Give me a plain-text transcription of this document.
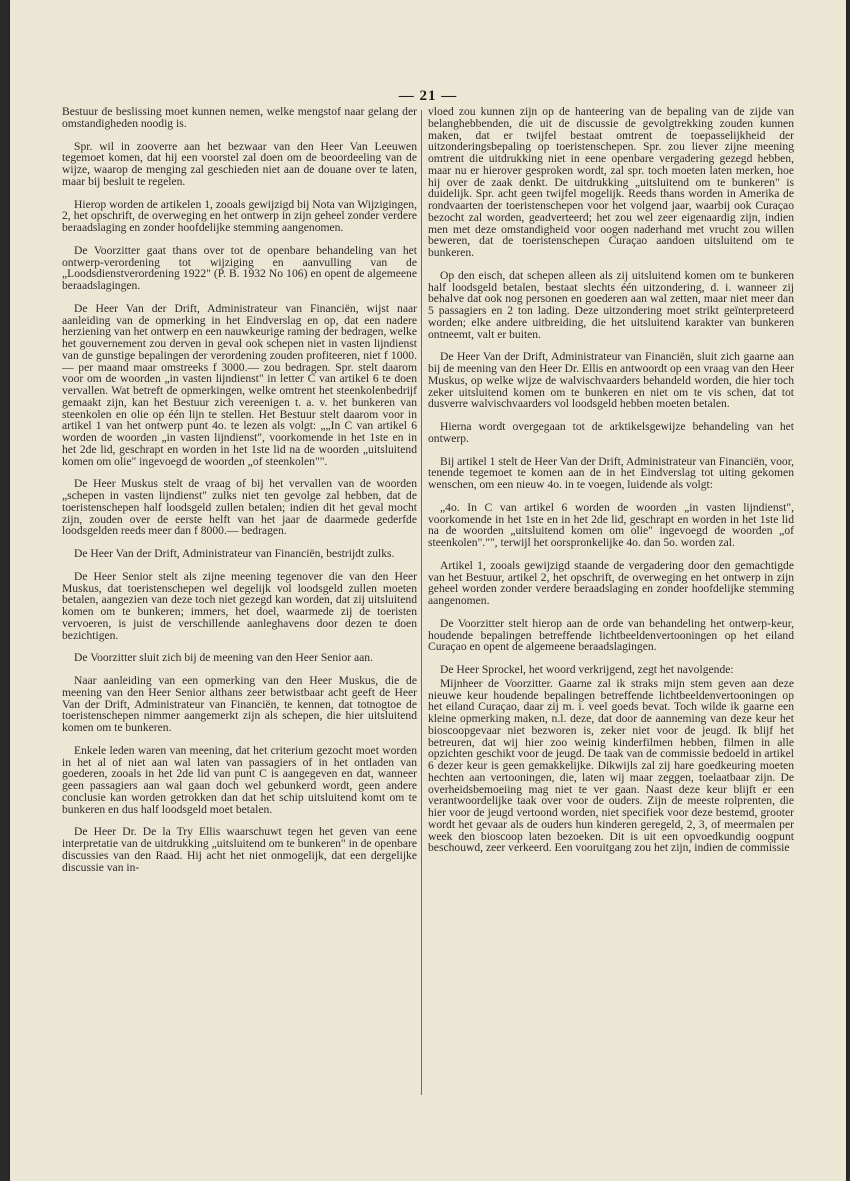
— 21 —

Bestuur de beslissing moet kunnen nemen, welke mengstof naar gelang der omstandigheden noodig is.

Spr. wil in zooverre aan het bezwaar van den Heer Van Leeuwen tegemoet komen, dat hij een voorstel zal doen om de beoordeeling van de wijze, waarop de menging zal geschieden niet aan de douane over te laten, maar bij besluit te regelen.

Hierop worden de artikelen 1, zooals gewijzigd bij Nota van Wijzigingen, 2, het opschrift, de overweging en het ontwerp in zijn geheel zonder verdere beraadslaging en zonder hoofdelijke stemming aangenomen.

De Voorzitter gaat thans over tot de openbare behandeling van het ontwerp-verordening tot wijziging en aanvulling van de „Loodsdienstverordening 1922" (P. B. 1932 No 106) en opent de algemeene beraadslagingen.

De Heer Van der Drift, Administrateur van Financiën, wijst naar aanleiding van de opmerking in het Eindverslag en op, dat een nadere herziening van het ontwerp en een nauwkeurige raming der bedragen, welke het gouvernement zou derven in geval ook schepen niet in vasten lijndienst van de gunstige bepalingen der verordening zouden profiteeren, niet f 1000.— per maand maar omstreeks f 3000.— zou bedragen. Spr. stelt daarom voor om de woorden „in vasten lijndienst" in letter C van artikel 6 te doen vervallen. Wat betreft de opmerkingen, welke omtrent het steenkolenbedrijf gemaakt zijn, kan het Bestuur zich vereenigen t. a. v. het bunkeren van steenkolen en olie op één lijn te stellen. Het Bestuur stelt daarom voor in artikel 1 van het ontwerp punt 4o. te lezen als volgt: „„In C van artikel 6 worden de woorden „in vasten lijndienst", voorkomende in het 1ste en in het 2de lid, geschrapt en worden in het 1ste lid na de woorden „uitsluitend komen om olie" ingevoegd de woorden „of steenkolen"".

De Heer Muskus stelt de vraag of bij het vervallen van de woorden „schepen in vasten lijndienst" zulks niet ten gevolge zal hebben, dat de toeristenschepen half loodsgeld zullen betalen; indien dit het geval mocht zijn, zouden over de eerste helft van het jaar de daarmede gederfde loodsgelden reeds meer dan f 8000.— bedragen.

De Heer Van der Drift, Administrateur van Financiën, bestrijdt zulks.

De Heer Senior stelt als zijne meening tegenover die van den Heer Muskus, dat toeristenschepen wel degelijk vol loodsgeld zullen moeten betalen, aangezien van deze toch niet gezegd kan worden, dat zij uitsluitend komen om te bunkeren; immers, het doel, waarmede zij de toeristen vervoeren, is juist de verschillende aanleghavens door dezen te doen bezichtigen.

De Voorzitter sluit zich bij de meening van den Heer Senior aan.

Naar aanleiding van een opmerking van den Heer Muskus, die de meening van den Heer Senior althans zeer betwistbaar acht geeft de Heer Van der Drift, Administrateur van Financiën, te kennen, dat totnogtoe de toeristenschepen nimmer aangemerkt zijn als schepen, die hier uitsluitend komen om te bunkeren.

Enkele leden waren van meening, dat het criterium gezocht moet worden in het al of niet aan wal laten van passagiers of in het ontladen van goederen, zooals in het 2de lid van punt C is aangegeven en dat, wanneer geen passagiers aan wal gaan doch wel gebunkerd wordt, geen andere conclusie kan worden getrokken dan dat het schip uitsluitend komt om te bunkeren en dus half loodsgeld moet betalen.

De Heer Dr. De la Try Ellis waarschuwt tegen het geven van eene interpretatie van de uitdrukking „uitsluitend om te bunkeren" in de openbare discussies van den Raad. Hij acht het niet onmogelijk, dat een dergelijke discussie van in-

vloed zou kunnen zijn op de hanteering van de bepaling van de zijde van belanghebbenden, die uit de discussie de gevolgtrekking zouden kunnen maken, dat er twijfel bestaat omtrent de toepasselijkheid der uitzonderingsbepaling op toeristenschepen. Spr. zou liever zijne meening omtrent die uitdrukking niet in eene openbare vergadering gezegd hebben, maar nu er hierover gesproken wordt, zal spr. toch moeten laten merken, hoe hij over de zaak denkt. De uitdrukking „uitsluitend om te bunkeren" is duidelijk. Spr. acht geen twijfel mogelijk. Reeds thans worden in Amerika de rondvaarten der toeristenschepen voor het volgend jaar, waarbij ook Curaçao bezocht zal worden, geadverteerd; het zou wel zeer eigenaardig zijn, indien men met deze omstandigheid voor oogen naderhand met vrucht zou willen beweren, dat de toeristenschepen Curaçao aandoen uitsluitend om te bunkeren.

Op den eisch, dat schepen alleen als zij uitsluitend komen om te bunkeren half loodsgeld betalen, bestaat slechts één uitzondering, d. i. wanneer zij behalve dat ook nog personen en goederen aan wal zetten, maar niet meer dan 5 passagiers en 2 ton lading. Deze uitzondering moet strikt geïnterpreteerd worden; elke andere uitbreiding, die het uitsluitend karakter van bunkeren ontneemt, valt er buiten.

De Heer Van der Drift, Administrateur van Financiën, sluit zich gaarne aan bij de meening van den Heer Dr. Ellis en antwoordt op een vraag van den Heer Muskus, op welke wijze de walvischvaarders behandeld worden, die hier toch zeker uitsluitend komen om te bunkeren en niet om te vis schen, dat tot dusverre walvischvaarders vol loodsgeld hebben moeten betalen.

Hierna wordt overgegaan tot de arktikelsgewijze behandeling van het ontwerp.

Bij artikel 1 stelt de Heer Van der Drift, Administrateur van Financiën, voor, tenende tegemoet te komen aan de in het Eindverslag tot uiting gekomen wenschen, om een nieuw 4o. in te voegen, luidende als volgt:

„4o. In C van artikel 6 worden de woorden „in vasten lijndienst", voorkomende in het 1ste en in het 2de lid, geschrapt en worden in het 1ste lid na de woorden „uitsluitend komen om olie" ingevoegd de woorden „of steenkolen"."", terwijl het oorspronkelijke 4o. dan 5o. worden zal.

Artikel 1, zooals gewijzigd staande de vergadering door den gemachtigde van het Bestuur, artikel 2, het opschrift, de overweging en het ontwerp in zijn geheel worden zonder verdere beraadslaging en zonder hoofdelijke stemming aangenomen.

De Voorzitter stelt hierop aan de orde van behandeling het ontwerp-keur, houdende bepalingen betreffende lichtbeeldenvertooningen op het eiland Curaçao en opent de algemeene beraadslagingen.

De Heer Sprockel, het woord verkrijgend, zegt het navolgende:

Mijnheer de Voorzitter. Gaarne zal ik straks mijn stem geven aan deze nieuwe keur houdende bepalingen betreffende lichtbeeldenvertooningen op het eiland Curaçao, daar zij m. i. veel goeds bevat. Toch wilde ik gaarne een kleine opmerking maken, n.l. deze, dat door de aanneming van deze keur het bioscoopgevaar niet bezworen is, zeker niet voor de jeugd. Ik blijf het betreuren, dat wij hier zoo weinig kinderfilmen hebben, filmen in alle opzichten geschikt voor de jeugd. De taak van de commissie bedoeld in artikel 6 dezer keur is geen gemakkelijke. Dikwijls zal zij hare goedkeuring moeten hechten aan vertooningen, die, laten wij maar zeggen, toelaatbaar zijn. De overheidsbemoeiing mag niet te ver gaan. Naast deze keur blijft er een verantwoordelijke taak over voor de ouders. Zijn de meeste rolprenten, die hier voor de jeugd vertoond worden, niet specifiek voor deze bestemd, grooter wordt het gevaar als de ouders hun kinderen geregeld, 2, 3, of meermalen per week den bioscoop laten bezoeken. Dit is uit een opvoedkundig oogpunt beschouwd, zeer verkeerd. Een vooruitgang zou het zijn, indien de commissie
